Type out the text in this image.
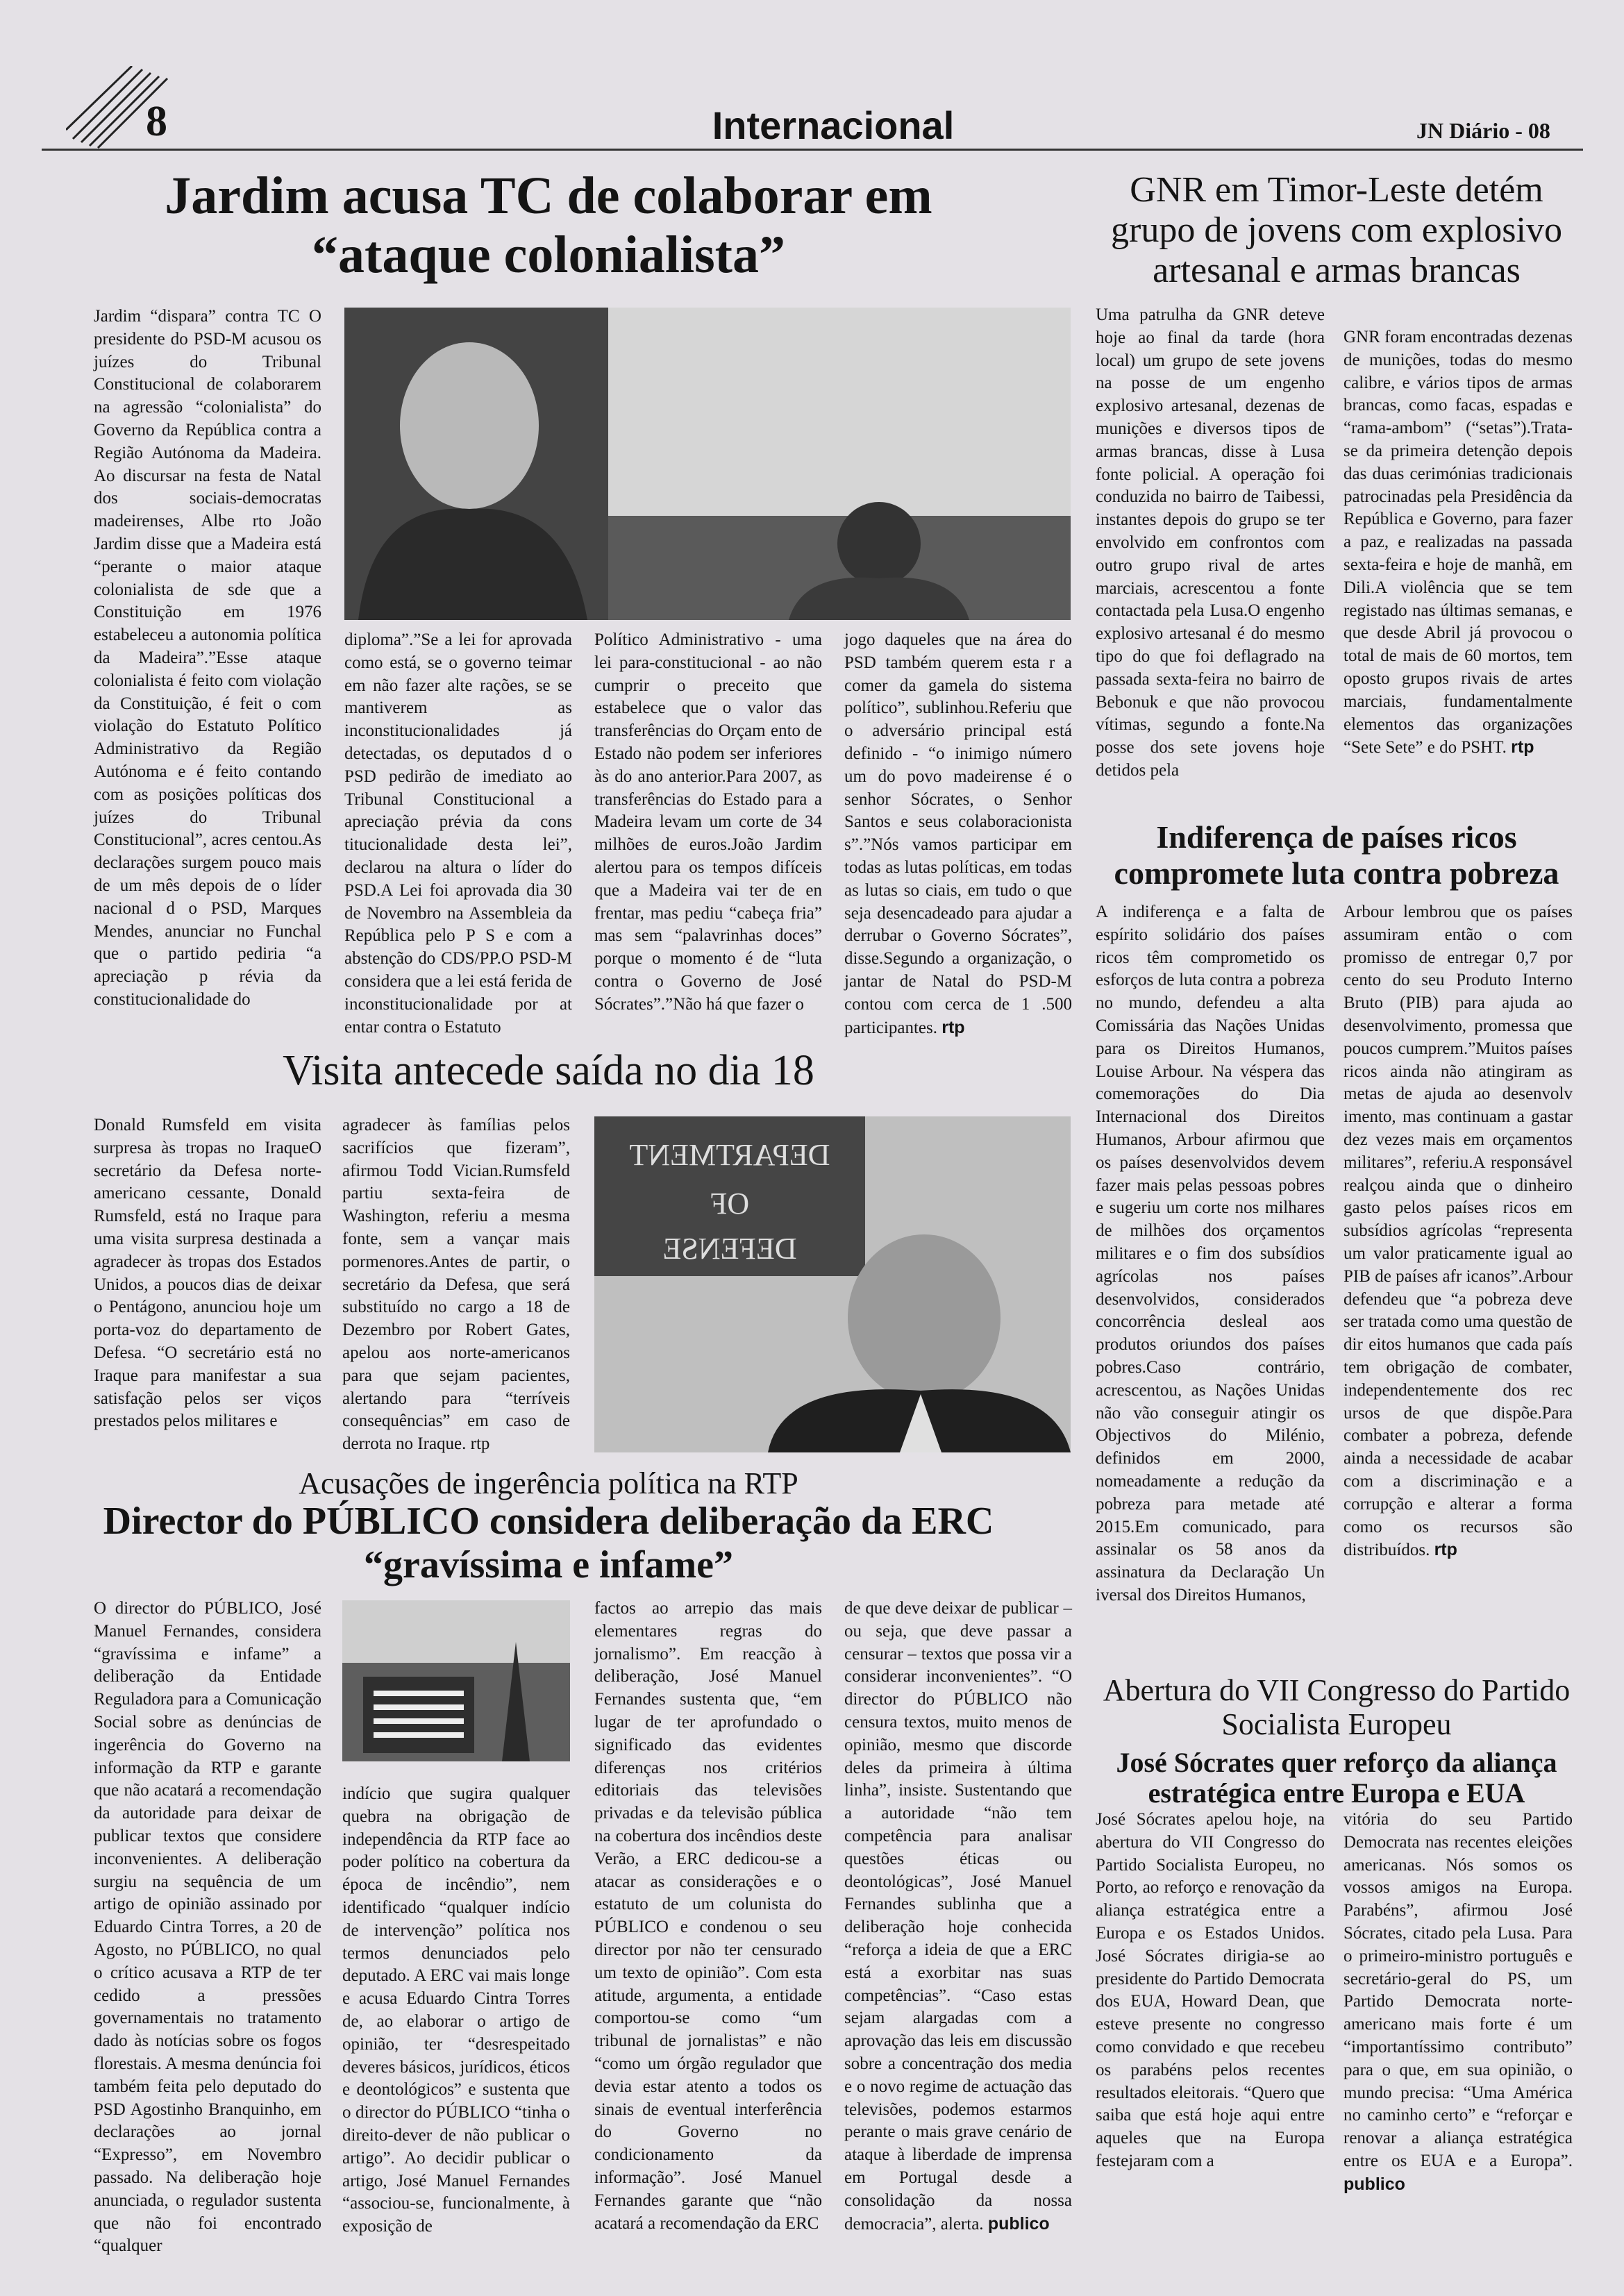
8	Internacional	JN Diário - 08
Jardim acusa TC de colaborar em
“ataque colonialista”

Jardim “dispara” contra TC O presidente do PSD-M acusou os juízes do Tribunal Constitucional de colaborarem na agressão “colonialista” do Governo da República contra a Região Autónoma da Madeira. Ao discursar na festa de Natal dos sociais-democratas madeirenses, Albe rto João Jardim disse que a Madeira está “perante o maior ataque colonialista de sde que a Constituição em 1976 estabeleceu a autonomia política da Madeira”.”Esse ataque colonialista é feito com violação da Constituição, é feit o com violação do Estatuto Político Administrativo da Região Autónoma e é feito contando com as posições políticas dos juízes do Tribunal Constitucional”, acres centou.As declarações surgem pouco mais de um mês depois de o líder nacional d o PSD, Marques Mendes, anunciar no Funchal que o partido pediria “a apreciação p révia da constitucionalidade do

diploma”.”Se a lei for aprovada como está, se o governo teimar em não fazer alte rações, se se mantiverem as inconstitucionalidades já detectadas, os deputados d o PSD pedirão de imediato ao Tribunal Constitucional a apreciação prévia da cons titucionalidade desta lei”, declarou na altura o líder do PSD.A Lei foi aprovada dia 30 de Novembro na Assembleia da República pelo P S e com a abstenção do CDS/PP.O PSD-M considera que a lei está ferida de inconstitucionalidade por at entar contra o Estatuto

Político Administrativo - uma lei para-constitucional - ao não cumprir o preceito que estabelece que o valor das transferências do Orçam ento de Estado não podem ser inferiores às do ano anterior.Para 2007, as transferências do Estado para a Madeira levam um corte de 34 milhões de euros.João Jardim alertou para os tempos difíceis que a Madeira vai ter de en frentar, mas pediu “cabeça fria” mas sem “palavrinhas doces” porque o momento é de “luta contra o Governo de José Sócrates”.”Não há que fazer o

jogo daqueles que na área do PSD também querem esta r a comer da gamela do sistema político”, sublinhou.Referiu que o adversário principal está definido - “o inimigo número um do povo madeirense é o senhor Sócrates, o Senhor Santos e seus colaboracionista s”.”Nós vamos participar em todas as lutas políticas, em todas as lutas so ciais, em tudo o que seja desencadeado para ajudar a derrubar o Governo Sócrates”, disse.Segundo a organização, o jantar de Natal do PSD-M contou com cerca de 1 .500 participantes. rtp

Visita antecede saída no dia 18

Donald Rumsfeld em visita surpresa às tropas no IraqueO secretário da Defesa norte-americano cessante, Donald Rumsfeld, está no Iraque para uma visita surpresa destinada a agradecer às tropas dos Estados Unidos, a poucos dias de deixar o Pentágono, anunciou hoje um porta-voz do departamento de Defesa. “O secretário está no Iraque para manifestar a sua satisfação pelos ser viços prestados pelos militares e

agradecer às famílias pelos sacrifícios que fizeram”, afirmou Todd Vician.Rumsfeld partiu sexta-feira de Washington, referiu a mesma fonte, sem a vançar mais pormenores.Antes de partir, o secretário da Defesa, que será substituído no cargo a 18 de Dezembro por Robert Gates, apelou aos norte-americanos para que sejam pacientes, alertando para “terríveis consequências” em caso de derrota no Iraque. rtp

DEPARTMENT
OF
DEFENSE
Acusações de ingerência política na RTP
Director do PÚBLICO considera deliberação da ERC
“gravíssima e infame”

O director do PÚBLICO, José Manuel Fernandes, considera “gravíssima e infame” a deliberação da Entidade Reguladora para a Comunicação Social sobre as denúncias de ingerência do Governo na informação da RTP e garante que não acatará a recomendação da autoridade para deixar de publicar textos que considere inconvenientes. A deliberação surgiu na sequência de um artigo de opinião assinado por Eduardo Cintra Torres, a 20 de Agosto, no PÚBLICO, no qual o crítico acusava a RTP de ter cedido a pressões governamentais no tratamento dado às notícias sobre os fogos florestais. A mesma denúncia foi também feita pelo deputado do PSD Agostinho Branquinho, em declarações ao jornal “Expresso”, em Novembro passado. Na deliberação hoje anunciada, o regulador sustenta que não foi encontrado “qualquer

indício que sugira qualquer quebra na obrigação de independência da RTP face ao poder político na cobertura da época de incêndio”, nem identificado “qualquer indício de intervenção” política nos termos denunciados pelo deputado. A ERC vai mais longe e acusa Eduardo Cintra Torres de, ao elaborar o artigo de opinião, ter “desrespeitado deveres básicos, jurídicos, éticos e deontológicos” e sustenta que o director do PÚBLICO “tinha o direito-dever de não publicar o artigo”. Ao decidir publicar o artigo, José Manuel Fernandes “associou-se, funcionalmente, à exposição de

factos ao arrepio das mais elementares regras do jornalismo”. Em reacção à deliberação, José Manuel Fernandes sustenta que, “em lugar de ter aprofundado o significado das evidentes diferenças nos critérios editoriais das televisões privadas e da televisão pública na cobertura dos incêndios deste Verão, a ERC dedicou-se a atacar as considerações e o estatuto de um colunista do PÚBLICO e condenou o seu director por não ter censurado um texto de opinião”. Com esta atitude, argumenta, a entidade comportou-se como “um tribunal de jornalistas” e não “como um órgão regulador que devia estar atento a todos os sinais de eventual interferência do Governo no condicionamento da informação”. José Manuel Fernandes garante que “não acatará a recomendação da ERC

de que deve deixar de publicar – ou seja, que deve passar a censurar – textos que possa vir a considerar inconvenientes”. “O director do PÚBLICO não censura textos, muito menos de opinião, mesmo que discorde deles da primeira à última linha”, insiste. Sustentando que a autoridade “não tem competência para analisar questões éticas ou deontológicas”, José Manuel Fernandes sublinha que a deliberação hoje conhecida “reforça a ideia de que a ERC está a exorbitar nas suas competências”. “Caso estas sejam alargadas com a aprovação das leis em discussão sobre a concentração dos media e o novo regime de actuação das televisões, podemos estarmos perante o mais grave cenário de ataque à liberdade de imprensa em Portugal desde a consolidação da nossa democracia”, alerta. publico

GNR em Timor-Leste detém
grupo de jovens com explosivo
artesanal e armas brancas

Uma patrulha da GNR deteve hoje ao final da tarde (hora local) um grupo de sete jovens na posse de um engenho explosivo artesanal, dezenas de munições e diversos tipos de armas brancas, disse à Lusa fonte policial. A operação foi conduzida no bairro de Taibessi, instantes depois do grupo se ter envolvido em confrontos com outro grupo rival de artes marciais, acrescentou a fonte contactada pela Lusa.O engenho explosivo artesanal é do mesmo tipo do que foi deflagrado na passada sexta-feira no bairro de Bebonuk e que não provocou vítimas, segundo a fonte.Na posse dos sete jovens hoje detidos pela

GNR foram encontradas dezenas de munições, todas do mesmo calibre, e vários tipos de armas brancas, como facas, espadas e “rama-ambom” (“setas”).Trata-se da primeira detenção depois das duas cerimónias tradicionais patrocinadas pela Presidência da República e Governo, para fazer a paz, e realizadas na passada sexta-feira e hoje de manhã, em Dili.A violência que se tem registado nas últimas semanas, e que desde Abril já provocou o total de mais de 60 mortos, tem oposto grupos rivais de artes marciais, fundamentalmente elementos das organizações “Sete Sete” e do PSHT. rtp

Indiferença de países ricos
compromete luta contra pobreza

A indiferença e a falta de espírito solidário dos países ricos têm comprometido os esforços de luta contra a pobreza no mundo, defendeu a alta Comissária das Nações Unidas para os Direitos Humanos, Louise Arbour. Na véspera das comemorações do Dia Internacional dos Direitos Humanos, Arbour afirmou que os países desenvolvidos devem fazer mais pelas pessoas pobres e sugeriu um corte nos milhares de milhões dos orçamentos militares e o fim dos subsídios agrícolas nos países desenvolvidos, considerados concorrência desleal aos produtos oriundos dos países pobres.Caso contrário, acrescentou, as Nações Unidas não vão conseguir atingir os Objectivos do Milénio, definidos em 2000, nomeadamente a redução da pobreza para metade até 2015.Em comunicado, para assinalar os 58 anos da assinatura da Declaração Un iversal dos Direitos Humanos,

Arbour lembrou que os países assumiram então o com promisso de entregar 0,7 por cento do seu Produto Interno Bruto (PIB) para ajuda ao desenvolvimento, promessa que poucos cumprem.”Muitos países ricos ainda não atingiram as metas de ajuda ao desenvolv imento, mas continuam a gastar dez vezes mais em orçamentos militares”, referiu.A responsável realçou ainda que o dinheiro gasto pelos países ricos em subsídios agrícolas “representa um valor praticamente igual ao PIB de países afr icanos”.Arbour defendeu que “a pobreza deve ser tratada como uma questão de dir eitos humanos que cada país tem obrigação de combater, independentemente dos rec ursos de que dispõe.Para combater a pobreza, defende ainda a necessidade de acabar com a discriminação e a corrupção e alterar a forma como os recursos são distribuídos. rtp

Abertura do VII Congresso do Partido
Socialista Europeu
José Sócrates quer reforço da aliança
estratégica entre Europa e EUA

José Sócrates apelou hoje, na abertura do VII Congresso do Partido Socialista Europeu, no Porto, ao reforço e renovação da aliança estratégica entre a Europa e os Estados Unidos. José Sócrates dirigia-se ao presidente do Partido Democrata dos EUA, Howard Dean, que esteve presente no congresso como convidado e que recebeu os parabéns pelos recentes resultados eleitorais. “Quero que saiba que está hoje aqui entre aqueles que na Europa festejaram com a

vitória do seu Partido Democrata nas recentes eleições americanas. Nós somos os vossos amigos na Europa. Parabéns”, afirmou José Sócrates, citado pela Lusa. Para o primeiro-ministro português e secretário-geral do PS, um Partido Democrata norte-americano mais forte é um “importantíssimo contributo” para o que, em sua opinião, o mundo precisa: “Uma América no caminho certo” e “reforçar e renovar a aliança estratégica entre os EUA e a Europa”. publico
